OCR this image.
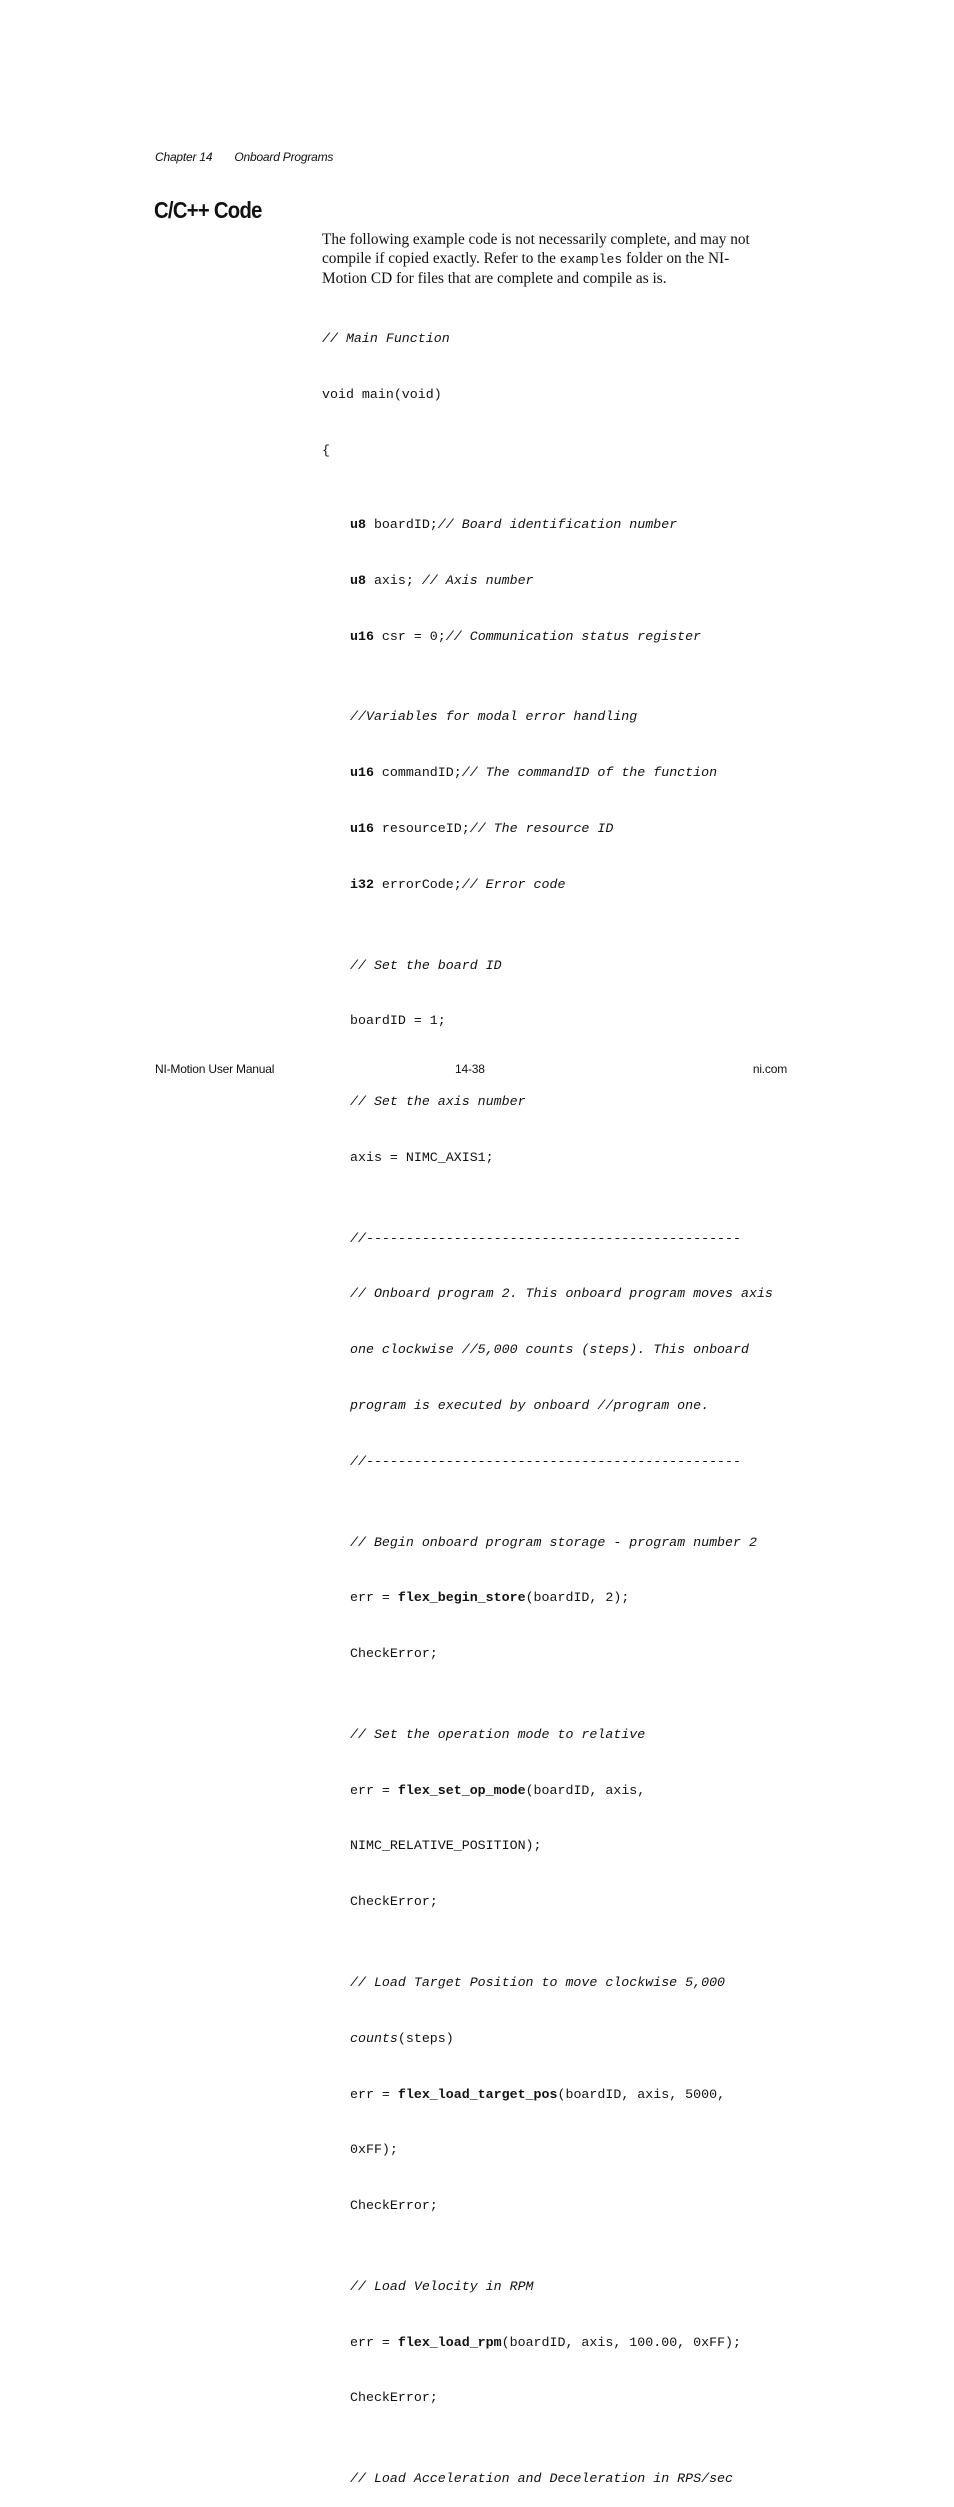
Chapter 14 Onboard Programs
C/C++ Code

The following example code is not necessarily complete, and may not compile if copied exactly. Refer to the examples folder on the NI-Motion CD for files that are complete and compile as is.

// Main Function

void main(void)

{

u8 boardID;// Board identification number

u8 axis; // Axis number

u16 csr = 0;// Communication status register

//Variables for modal error handling

u16 commandID;// The commandID of the function

u16 resourceID;// The resource ID

i32 errorCode;// Error code

// Set the board ID

boardID = 1;

// Set the axis number

axis = NIMC_AXIS1;

//-----------------------------------------------

// Onboard program 2. This onboard program moves axis

one clockwise //5,000 counts (steps). This onboard

program is executed by onboard //program one.

//-----------------------------------------------

// Begin onboard program storage - program number 2

err = flex_begin_store(boardID, 2);

CheckError;

// Set the operation mode to relative

err = flex_set_op_mode(boardID, axis,

NIMC_RELATIVE_POSITION);

CheckError;

// Load Target Position to move clockwise 5,000

counts(steps)

err = flex_load_target_pos(boardID, axis, 5000,

0xFF);

CheckError;

// Load Velocity in RPM

err = flex_load_rpm(boardID, axis, 100.00, 0xFF);

CheckError;

// Load Acceleration and Deceleration in RPS/sec

NI-Motion User Manual	14-38	ni.com
